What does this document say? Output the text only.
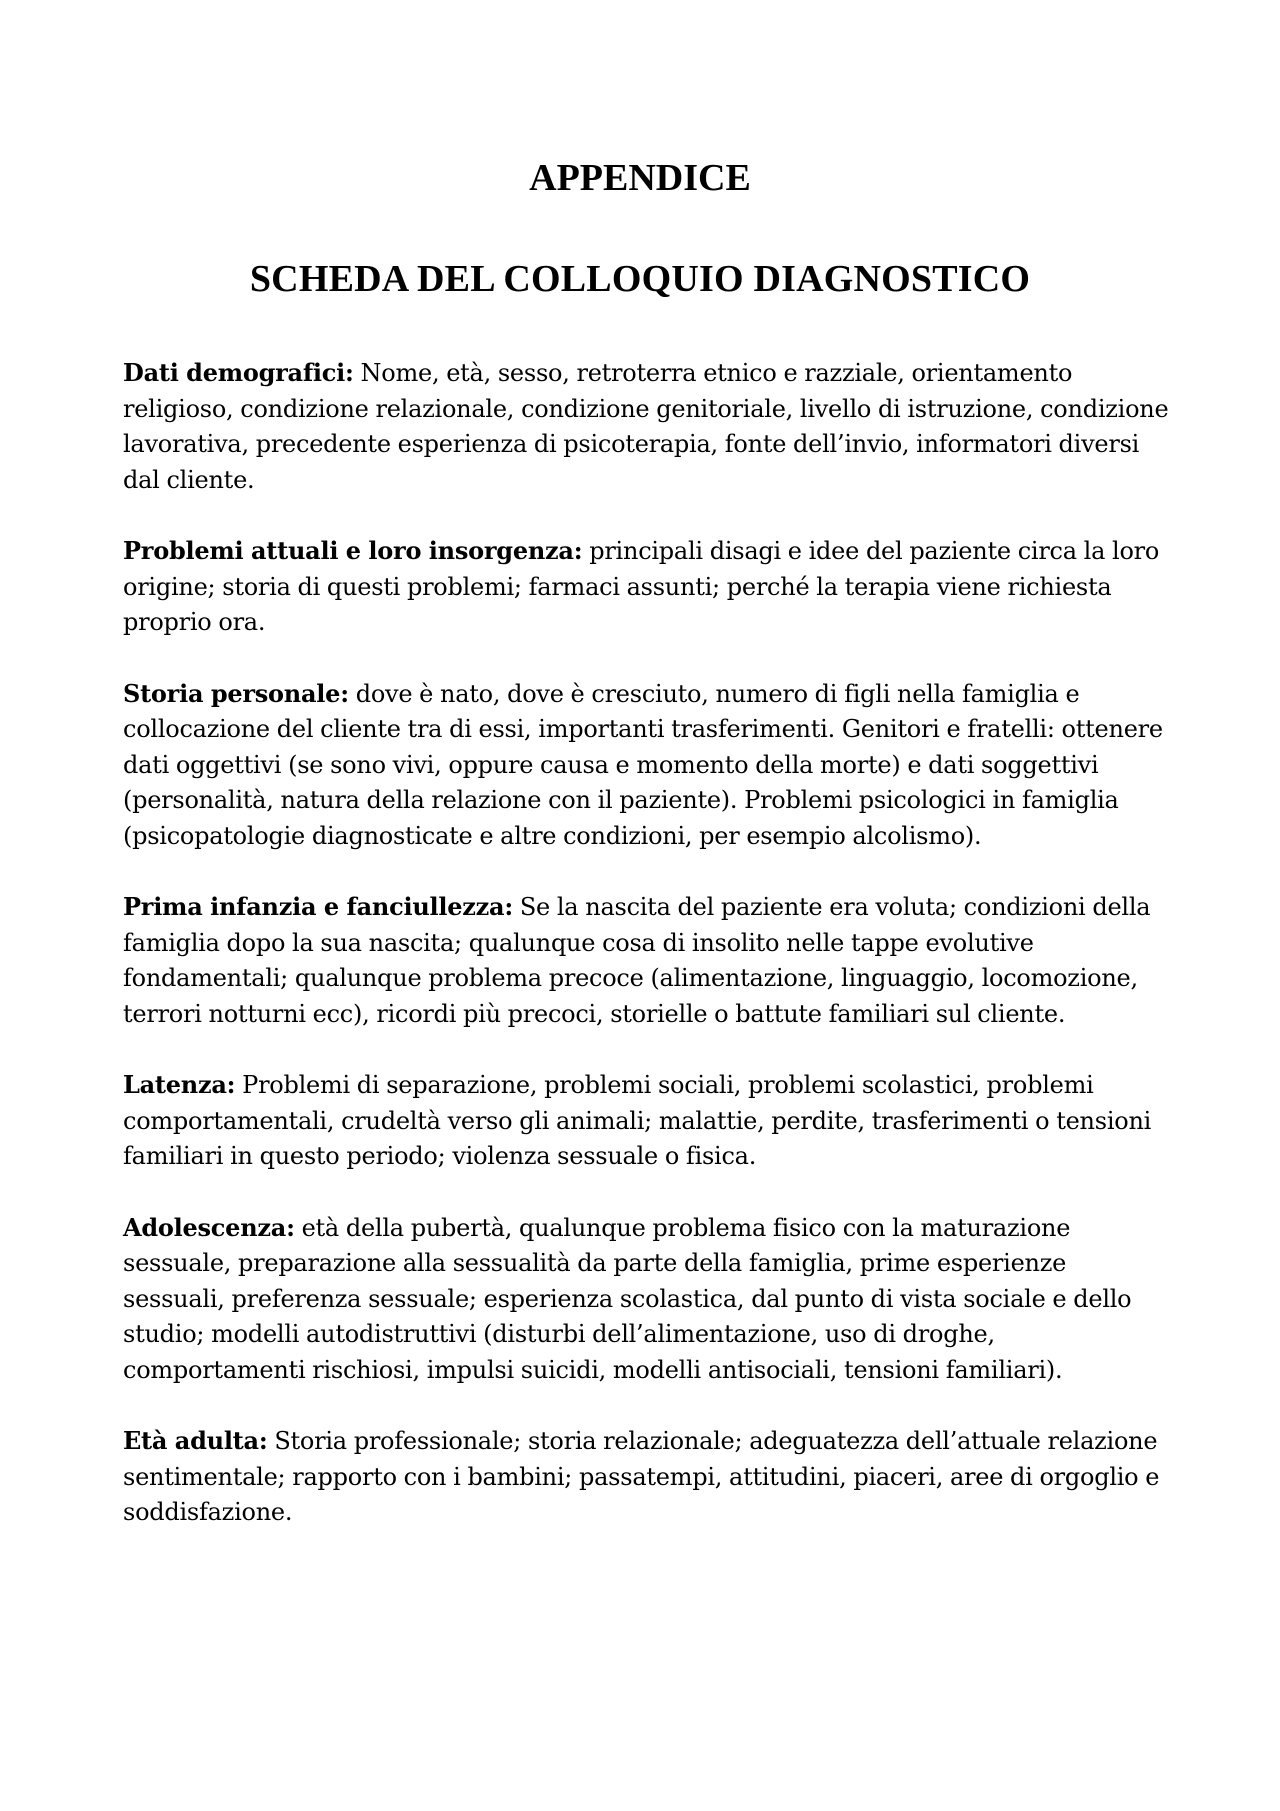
APPENDICE
SCHEDA DEL COLLOQUIO DIAGNOSTICO

Dati demografici: Nome, età, sesso, retroterra etnico e razziale, orientamento religioso, condizione relazionale, condizione genitoriale, livello di istruzione, condizione lavorativa, precedente esperienza di psicoterapia, fonte dell’invio, informatori diversi dal cliente.

Problemi attuali e loro insorgenza: principali disagi e idee del paziente circa la loro origine; storia di questi problemi; farmaci assunti; perché la terapia viene richiesta proprio ora.

Storia personale: dove è nato, dove è cresciuto, numero di figli nella famiglia e collocazione del cliente tra di essi, importanti trasferimenti. Genitori e fratelli: ottenere dati oggettivi (se sono vivi, oppure causa e momento della morte) e dati soggettivi (personalità, natura della relazione con il paziente). Problemi psicologici in famiglia (psicopatologie diagnosticate e altre condizioni, per esempio alcolismo).

Prima infanzia e fanciullezza: Se la nascita del paziente era voluta; condizioni della famiglia dopo la sua nascita; qualunque cosa di insolito nelle tappe evolutive fondamentali; qualunque problema precoce (alimentazione, linguaggio, locomozione, terrori notturni ecc), ricordi più precoci, storielle o battute familiari sul cliente.

Latenza: Problemi di separazione, problemi sociali, problemi scolastici, problemi comportamentali, crudeltà verso gli animali; malattie, perdite, trasferimenti o tensioni familiari in questo periodo; violenza sessuale o fisica.

Adolescenza: età della pubertà, qualunque problema fisico con la maturazione sessuale, preparazione alla sessualità da parte della famiglia, prime esperienze sessuali, preferenza sessuale; esperienza scolastica, dal punto di vista sociale e dello studio; modelli autodistruttivi (disturbi dell’alimentazione, uso di droghe, comportamenti rischiosi, impulsi suicidi, modelli antisociali, tensioni familiari).

Età adulta: Storia professionale; storia relazionale; adeguatezza dell’attuale relazione sentimentale; rapporto con i bambini; passatempi, attitudini, piaceri, aree di orgoglio e soddisfazione.
